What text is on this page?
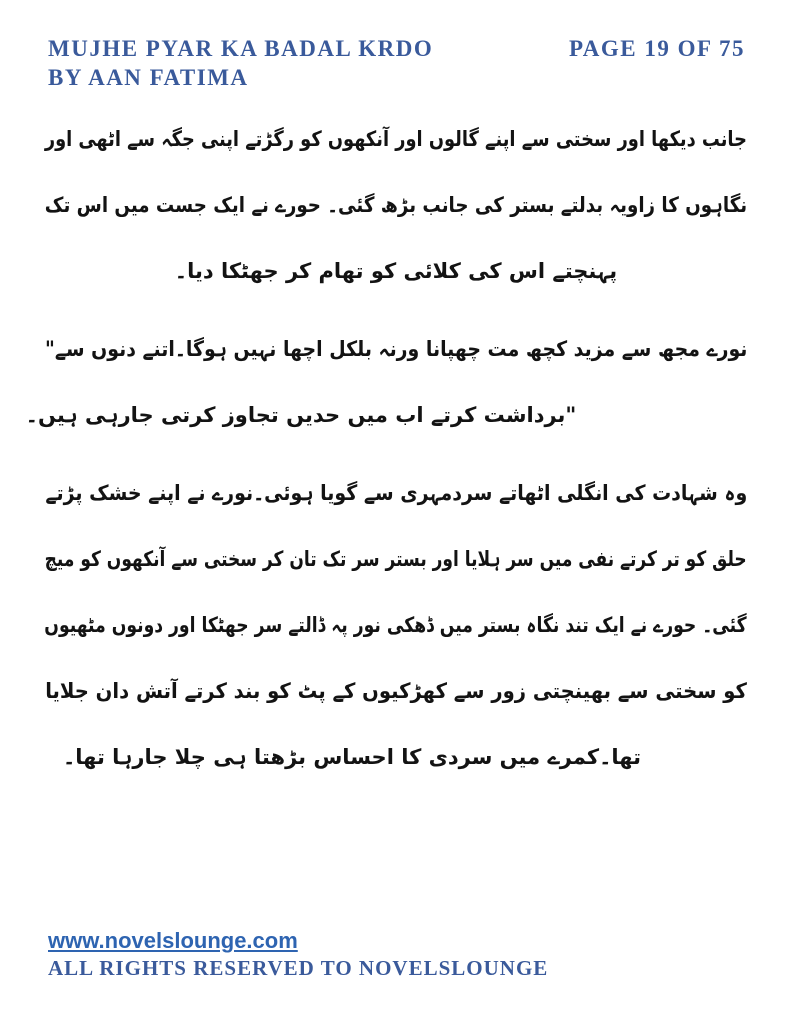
MUJHE PYAR KA BADAL KRDO	PAGE 19 OF 75
BY AAN FATIMA
جانب دیکھا اور سختی سے اپنے گالوں اور آنکھوں کو رگڑتے اپنی جگہ سے اٹھی اور
نگاہوں کا زاویہ بدلتے بستر کی جانب بڑھ گئی۔ حورے نے ایک جست میں اس تک
پہنچتے اس کی کلائی کو تھام کر جھٹکا دیا۔
نورے مجھ سے مزید کچھ مت چھپانا ورنہ بلکل اچھا نہیں ہوگا۔اتنے دنوں سے"
"برداشت کرتے اب میں حدیں تجاوز کرتی جارہی ہیں۔
وہ شہادت کی انگلی اٹھاتے سردمہری سے گویا ہوئی۔نورے نے اپنے خشک پڑتے
حلق کو تر کرتے نفی میں سر ہلایا اور بستر سر تک تان کر سختی سے آنکھوں کو میچ
گئی۔ حورے نے ایک تند نگاہ بستر میں ڈھکی نور پہ ڈالتے سر جھٹکا اور دونوں مٹھیوں
کو سختی سے بھینچتی زور سے کھڑکیوں کے پٹ کو بند کرتے آتش دان جلایا
تھا۔کمرے میں سردی کا احساس بڑھتا ہی چلا جارہا تھا۔
www.novelslounge.com
ALL RIGHTS RESERVED TO NOVELSLOUNGE
